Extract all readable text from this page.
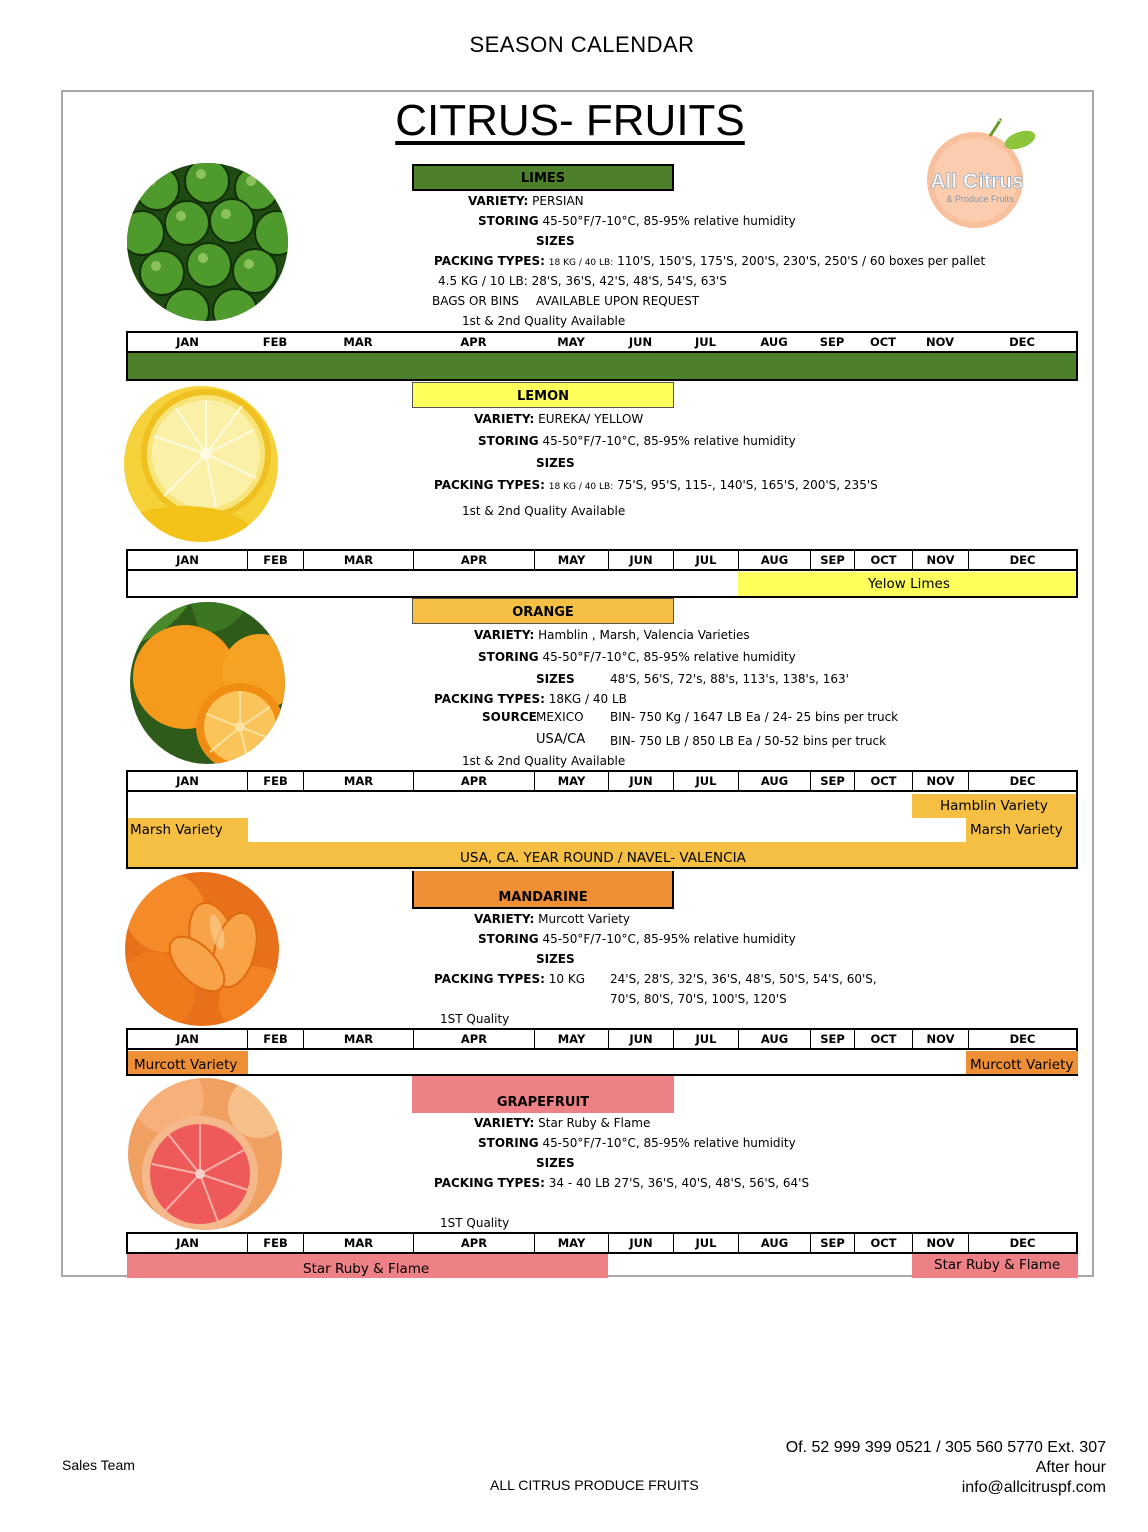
SEASON CALENDAR
CITRUS- FRUITS
All Citrus
& Produce Fruits
LIMES
VARIETY: PERSIAN
STORING 45-50°F/7-10°C, 85-95% relative humidity
SIZES
PACKING TYPES: 18 KG / 40 LB: 110'S, 150'S, 175'S, 200'S, 230'S, 250'S / 60 boxes per pallet
4.5 KG / 10 LB: 28'S, 36'S, 42'S, 48'S, 54'S, 63'S
BAGS OR BINS AVAILABLE UPON REQUEST
1st & 2nd Quality Available
JAN	FEB	MAR	APR	MAY	JUN	JUL	AUG	SEP	OCT	NOV	DEC
LEMON
VARIETY: EUREKA/ YELLOW
STORING 45-50°F/7-10°C, 85-95% relative humidity
SIZES
PACKING TYPES: 18 KG / 40 LB: 75'S, 95'S, 115-, 140'S, 165'S, 200'S, 235'S
1st & 2nd Quality Available
JAN	FEB	MAR	APR	MAY	JUN	JUL	AUG	SEP	OCT	NOV	DEC
Yelow Limes
ORANGE
VARIETY: Hamblin , Marsh, Valencia Varieties
STORING 45-50°F/7-10°C, 85-95% relative humidity
SIZES	48'S, 56'S, 72's, 88's, 113's, 138's, 163'
PACKING TYPES: 18KG / 40 LB
SOURCE MEXICO BIN- 750 Kg / 1647 LB Ea / 24- 25 bins per truck
USA/CA BIN- 750 LB / 850 LB Ea / 50-52 bins per truck
1st & 2nd Quality Available
JAN	FEB	MAR	APR	MAY	JUN	JUL	AUG	SEP	OCT	NOV	DEC
Hamblin Variety
Marsh Variety	Marsh Variety
USA, CA. YEAR ROUND / NAVEL- VALENCIA
MANDARINE
VARIETY: Murcott Variety
STORING 45-50°F/7-10°C, 85-95% relative humidity
SIZES
PACKING TYPES: 10 KG 24'S, 28'S, 32'S, 36'S, 48'S, 50'S, 54'S, 60'S,
70'S, 80'S, 70'S, 100'S, 120'S
1ST Quality
JAN	FEB	MAR	APR	MAY	JUN	JUL	AUG	SEP	OCT	NOV	DEC
Murcott Variety	Murcott Variety
GRAPEFRUIT
VARIETY: Star Ruby & Flame
STORING 45-50°F/7-10°C, 85-95% relative humidity
SIZES
PACKING TYPES: 34 - 40 LB 27'S, 36'S, 40'S, 48'S, 56'S, 64'S
1ST Quality
JAN	FEB	MAR	APR	MAY	JUN	JUL	AUG	SEP	OCT	NOV	DEC
Star Ruby & Flame	Star Ruby & Flame
Sales Team
ALL CITRUS PRODUCE FRUITS
Of. 52 999 399 0521 / 305 560 5770 Ext. 307
After hour
info@allcitruspf.com
